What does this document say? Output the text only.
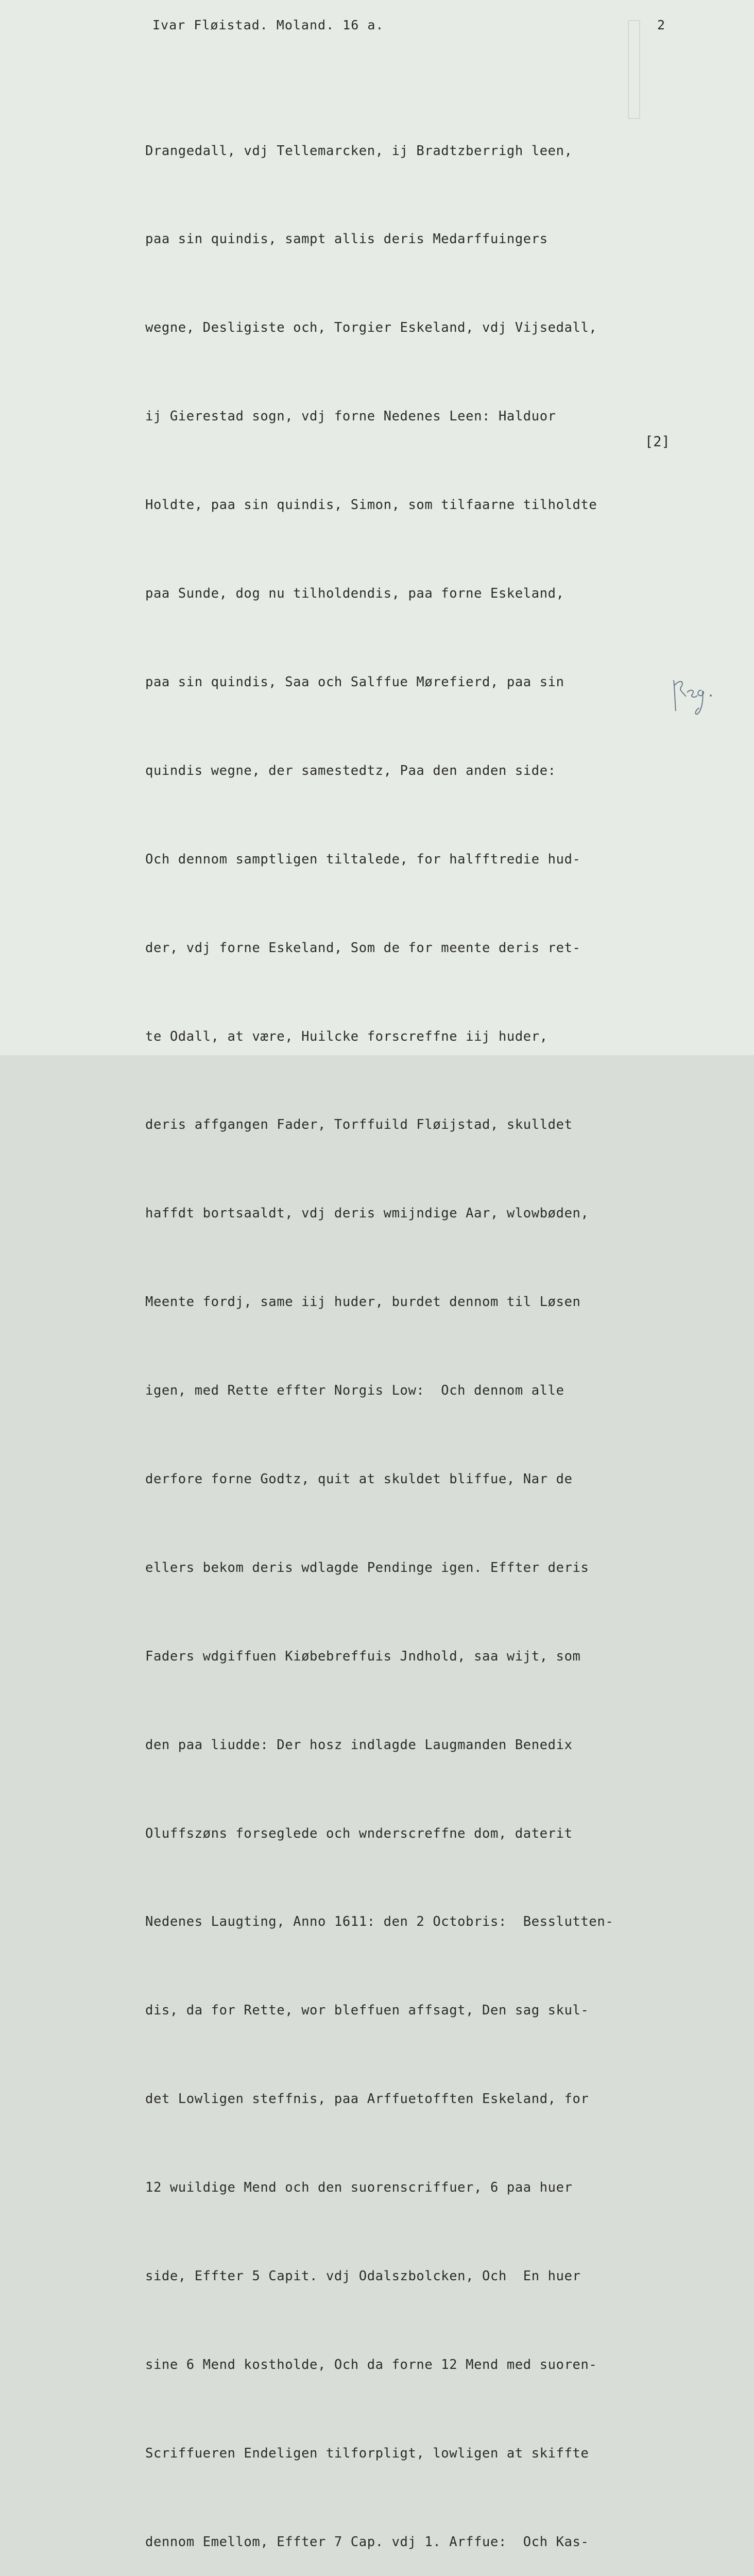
Ivar Fløistad. Moland. 16 a.	2

Drangedall, vdj Tellemarcken, ij Bradtzberrigh leen,

paa sin quindis, sampt allis deris Medarffuingers

wegne, Desligiste och, Torgier Eskeland, vdj Vijsedall,

ij Gierestad sogn, vdj forne Nedenes Leen: Halduor

Holdte, paa sin quindis, Simon, som tilfaarne tilholdte

paa Sunde, dog nu tilholdendis, paa forne Eskeland,

paa sin quindis, Saa och Salffue Mørefierd, paa sin

quindis wegne, der samestedtz, Paa den anden side:

Och dennom samptligen tiltalede, for halfftredie hud-

der, vdj forne Eskeland, Som de for meente deris ret-

te Odall, at være, Huilcke forscreffne iij huder,

deris affgangen Fader, Torffuild Fløijstad, skulldet

haffdt bortsaaldt, vdj deris wmijndige Aar, wlowbøden,

Meente fordj, same iij huder, burdet dennom til Løsen

igen, med Rette effter Norgis Low:  Och dennom alle

derfore forne Godtz, quit at skuldet bliffue, Nar de

ellers bekom deris wdlagde Pendinge igen. Effter deris

Faders wdgiffuen Kiøbebreffuis Jndhold, saa wijt, som

den paa liudde: Der hosz indlagde Laugmanden Benedix

Oluffszøns forseglede och wnderscreffne dom, daterit

Nedenes Laugting, Anno 1611: den 2 Octobris:  Besslutten-

dis, da for Rette, wor bleffuen affsagt, Den sag skul-

det Lowligen steffnis, paa Arffuetofften Eskeland, for

12 wuildige Mend och den suorenscriffuer, 6 paa huer

side, Effter 5 Capit. vdj Odalszbolcken, Och  En huer

sine 6 Mend kostholde, Och da forne 12 Mend med suoren-

Scriffueren Endeligen tilforpligt, lowligen at skiffte

dennom Emellom, Effter 7 Cap. vdj 1. Arffue:  Och Kas-

[2]
